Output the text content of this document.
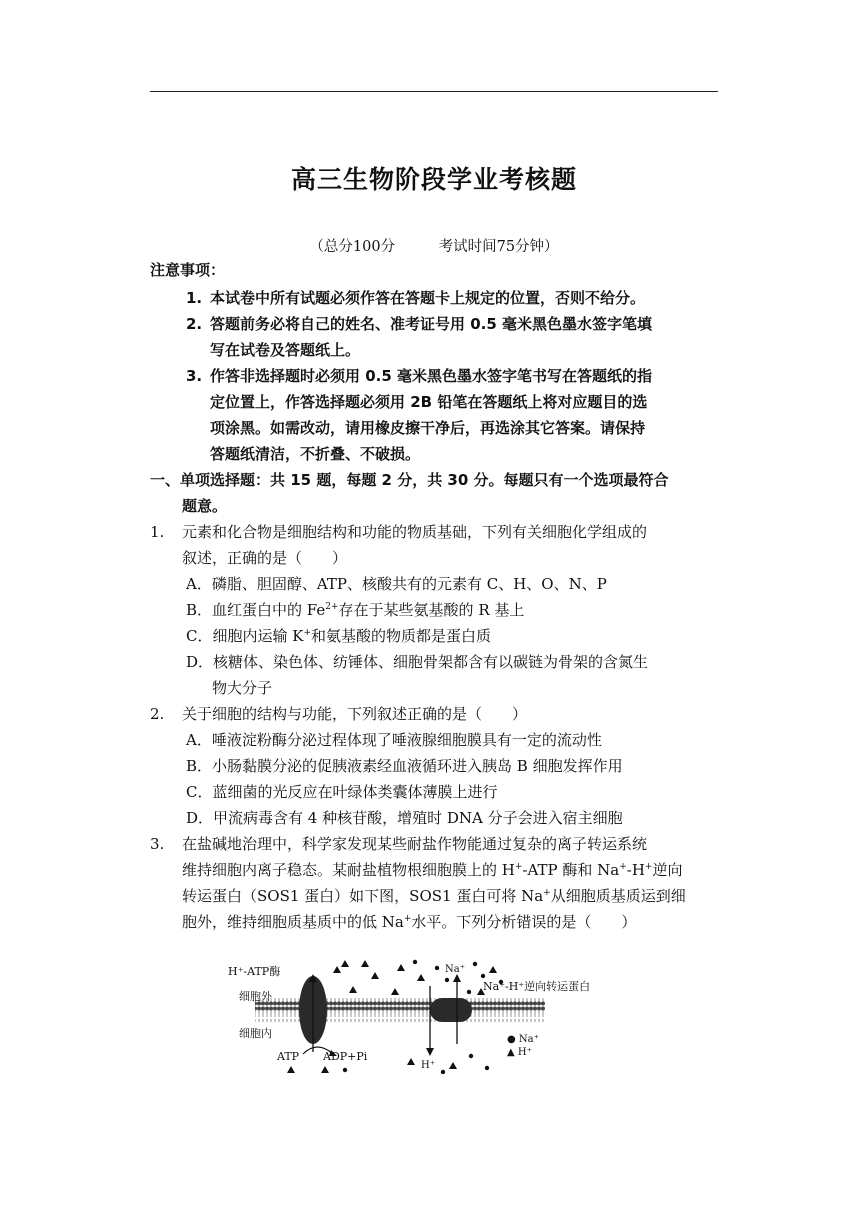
高三生物阶段学业考核题
（总分100分　　　考试时间75分钟）
注意事项：
1. 本试卷中所有试题必须作答在答题卡上规定的位置，否则不给分。
2. 答题前务必将自己的姓名、准考证号用 0.5 毫米黑色墨水签字笔填
写在试卷及答题纸上。
3. 作答非选择题时必须用 0.5 毫米黑色墨水签字笔书写在答题纸的指
定位置上，作答选择题必须用 2B 铅笔在答题纸上将对应题目的选
项涂黑。如需改动，请用橡皮擦干净后，再选涂其它答案。请保持
答题纸清洁，不折叠、不破损。
一、单项选择题：共 15 题，每题 2 分，共 30 分。每题只有一个选项最符合
题意。
1. 元素和化合物是细胞结构和功能的物质基础，下列有关细胞化学组成的
叙述，正确的是（　　）
A．磷脂、胆固醇、ATP、核酸共有的元素有 C、H、O、N、P
B．血红蛋白中的 $Fe^{2+}$存在于某些氨基酸的 R 基上
C．细胞内运输 K+和氨基酸的物质都是蛋白质
D．核糖体、染色体、纺锤体、细胞骨架都含有以碳链为骨架的含氮生
物大分子
2. 关于细胞的结构与功能，下列叙述正确的是（　　）
A．唾液淀粉酶分泌过程体现了唾液腺细胞膜具有一定的流动性
B．小肠黏膜分泌的促胰液素经血液循环进入胰岛 B 细胞发挥作用
C．蓝细菌的光反应在叶绿体类囊体薄膜上进行
D．甲流病毒含有 4 种核苷酸，增殖时 DNA 分子会进入宿主细胞
3. 在盐碱地治理中，科学家发现某些耐盐作物能通过复杂的离子转运系统
维持细胞内离子稳态。某耐盐植物根细胞膜上的 H+-ATP 酶和 Na+-H+逆向
转运蛋白（SOS1 蛋白）如下图，SOS1 蛋白可将 Na+从细胞质基质运到细
胞外，维持细胞质基质中的低 Na+水平。下列分析错误的是（　　）
H⁺-ATP酶
细胞外
细胞内
ATP ADP+Pi
Na⁺
Na⁺-H⁺逆向转运蛋白
H⁺
● Na⁺
▲ H⁺
